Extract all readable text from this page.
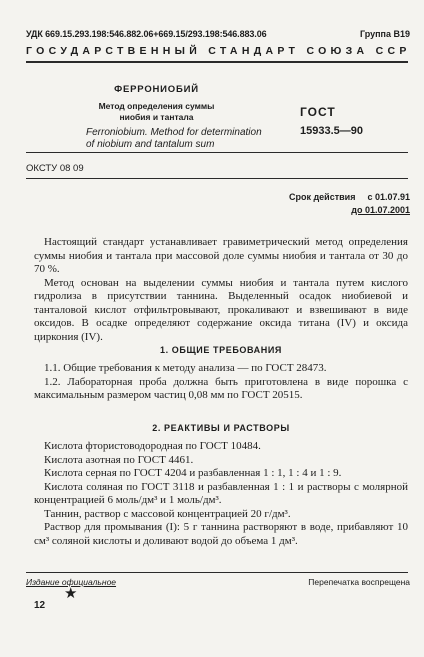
УДК 669.15.293.198:546.882.06+669.15/293.198:546.883.06	Группа В19
ГОСУДАРСТВЕННЫЙ СТАНДАРТ СОЮЗА ССР
ФЕРРОНИОБИЙ
Метод определения суммы
ниобия и тантала
Ferroniobium. Method for determination
of niobium and tantalum sum
ГОСТ
15933.5—90
ОКСТУ 08 09
Срок действия с 01.07.91
до 01.07.2001

Настоящий стандарт устанавливает гравиметрический метод определения суммы ниобия и тантала при массовой доле суммы ниобия и тантала от 30 до 70 %.

Метод основан на выделении суммы ниобия и тантала путем кислого гидролиза в присутствии таннина. Выделенный осадок ниобиевой и танталовой кислот отфильтровывают, прокаливают и взвешивают в виде оксидов. В осадке определяют содержание оксида титана (IV) и оксида циркония (IV).

1. ОБЩИЕ ТРЕБОВАНИЯ

1.1. Общие требования к методу анализа — по ГОСТ 28473.

1.2. Лабораторная проба должна быть приготовлена в виде порошка с максимальным размером частиц 0,08 мм по ГОСТ 20515.

2. РЕАКТИВЫ И РАСТВОРЫ

Кислота фтористоводородная по ГОСТ 10484.

Кислота азотная по ГОСТ 4461.

Кислота серная по ГОСТ 4204 и разбавленная 1 : 1, 1 : 4 и 1 : 9.

Кислота соляная по ГОСТ 3118 и разбавленная 1 : 1 и растворы с молярной концентрацией 6 моль/дм³ и 1 моль/дм³.

Таннин, раствор с массовой концентрацией 20 г/дм³.

Раствор для промывания (I): 5 г таннина растворяют в воде, прибавляют 10 см³ соляной кислоты и доливают водой до объема 1 дм³.

Издание официальное	Перепечатка воспрещена
★
12
